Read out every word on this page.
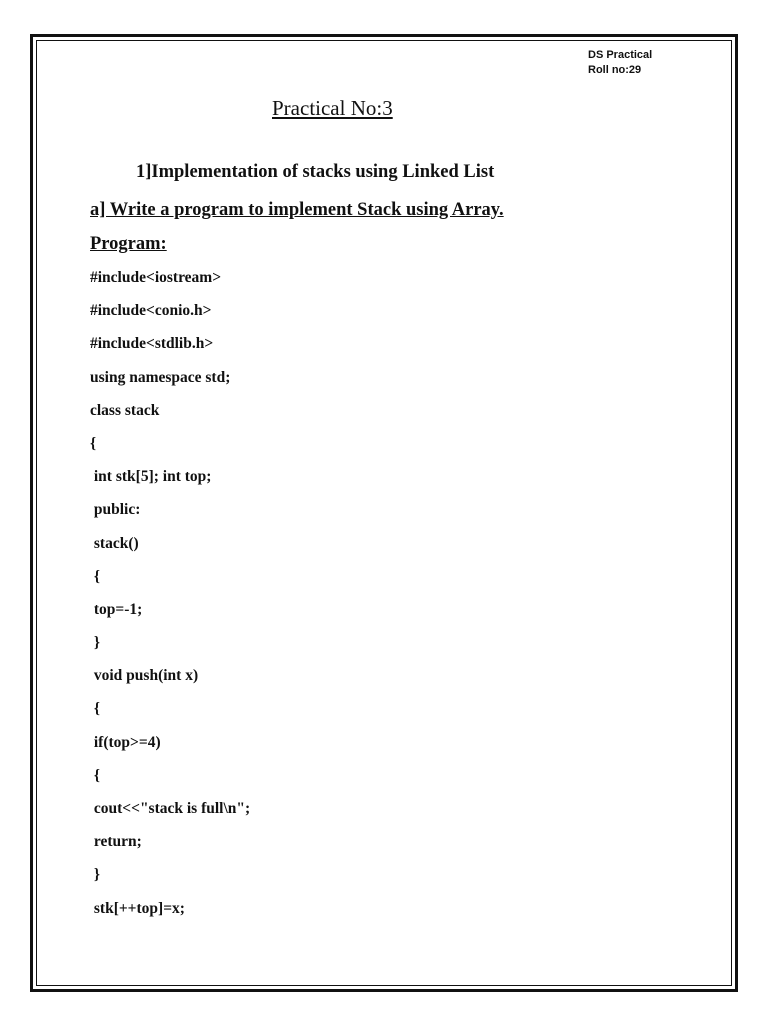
DS Practical
Roll no:29
Practical No:3
1]Implementation of stacks using Linked List
a] Write a program to implement Stack using Array.
Program:
#include<iostream>
#include<conio.h>
#include<stdlib.h>
using namespace std;
class stack
{
int stk[5]; int top;
public:
stack()
{
top=-1;
}
void push(int x)
{
if(top>=4)
{
cout<<"stack is full\n";
return;
}
stk[++top]=x;
